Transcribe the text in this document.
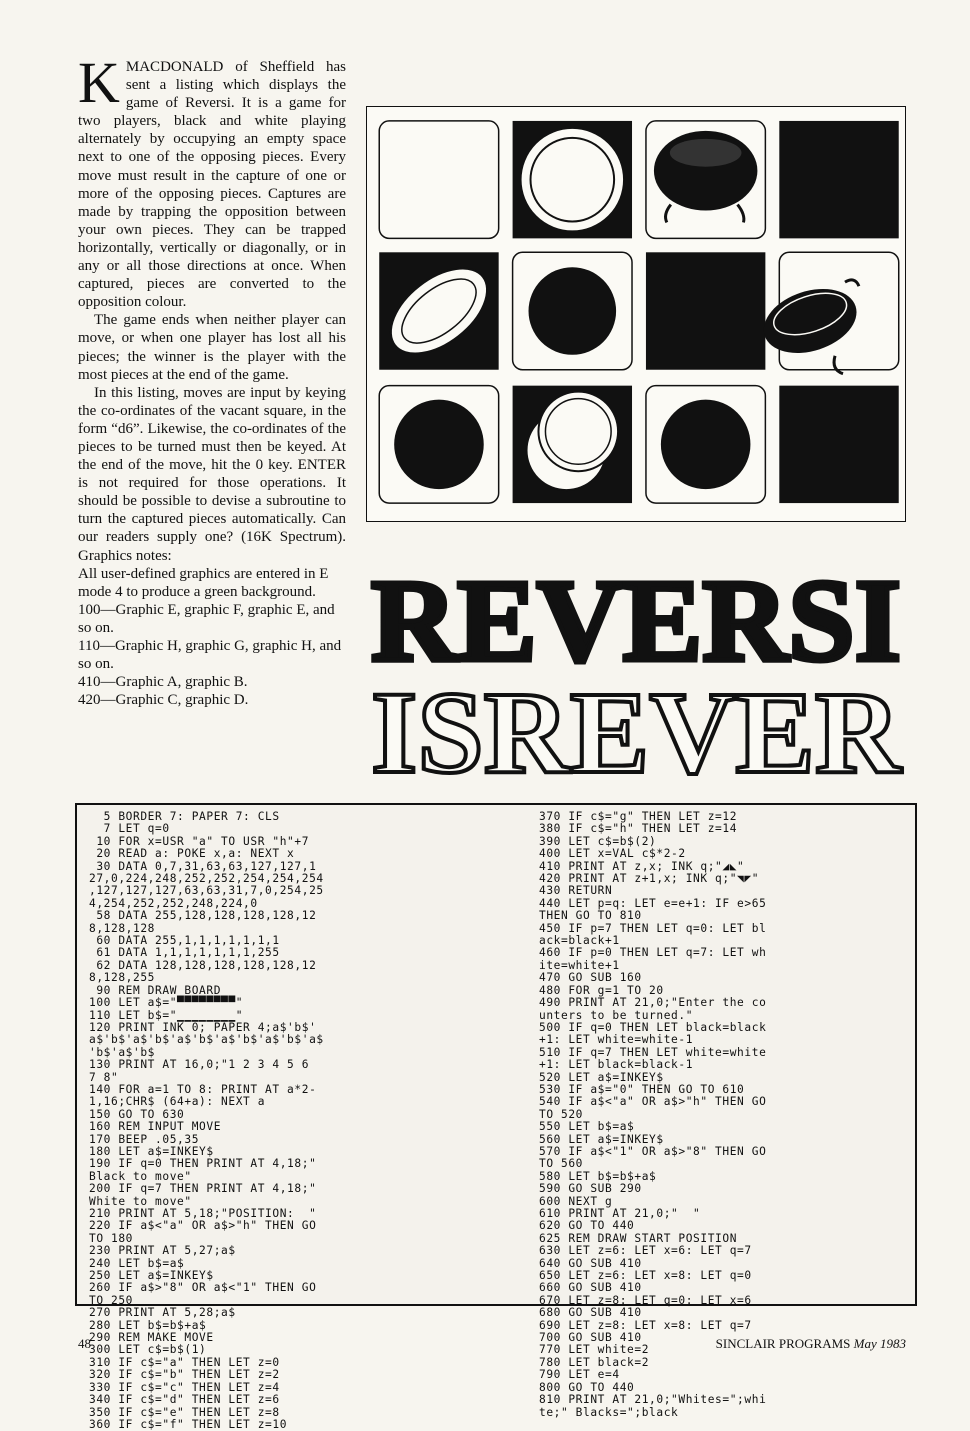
K MACDONALD of Sheffield has sent a listing which displays the game of Reversi. It is a game for two players, black and white playing alternately by occupying an empty space next to one of the opposing pieces. Every move must result in the capture of one or more of the opposing pieces. Captures are made by trapping the opposition between your own pieces. They can be trapped horizontally, vertically or diagonally, or in any or all those directions at once. When captured, pieces are converted to the opposition colour.

The game ends when neither player can move, or when one player has lost all his pieces; the winner is the player with the most pieces at the end of the game.

In this listing, moves are input by keying the co-ordinates of the vacant square, in the form “d6”. Likewise, the co-ordinates of the pieces to be turned must then be keyed. At the end of the move, hit the 0 key. ENTER is not required for those operations. It should be possible to devise a subroutine to turn the captured pieces automatically. Can our readers supply one? (16K Spectrum). Graphics notes:

All user-defined graphics are entered in E mode 4 to produce a green background.

100—Graphic E, graphic F, graphic E, and so on.

110—Graphic H, graphic G, graphic H, and so on.

410—Graphic A, graphic B.

420—Graphic C, graphic D.

REVERSI
ISREVER
5 BORDER 7: PAPER 7: CLS
7 LET q=0
10 FOR x=USR "a" TO USR "h"+7
20 READ a: POKE x,a: NEXT x
30 DATA 0,7,31,63,63,127,127,1
27,0,224,248,252,252,254,254,254
,127,127,127,63,63,31,7,0,254,25
4,254,252,252,248,224,0
58 DATA 255,128,128,128,128,12
8,128,128
60 DATA 255,1,1,1,1,1,1,1
61 DATA 1,1,1,1,1,1,1,255
62 DATA 128,128,128,128,128,12
8,128,255
90 REM DRAW BOARD
100 LET a$="▀▀▀▀▀▀▀▀"
110 LET b$="▁▁▁▁▁▁▁▁"
120 PRINT INK 0; PAPER 4;a$'b$'
a$'b$'a$'b$'a$'b$'a$'b$'a$'b$'a$
'b$'a$'b$
130 PRINT AT 16,0;"1 2 3 4 5 6
7 8"
140 FOR a=1 TO 8: PRINT AT a*2-
1,16;CHR$ (64+a): NEXT a
150 GO TO 630
160 REM INPUT MOVE
170 BEEP .05,35
180 LET a$=INKEY$
190 IF q=0 THEN PRINT AT 4,18;"
Black to move"
200 IF q=7 THEN PRINT AT 4,18;"
White to move"
210 PRINT AT 5,18;"POSITION:  "
220 IF a$<"a" OR a$>"h" THEN GO
TO 180
230 PRINT AT 5,27;a$
240 LET b$=a$
250 LET a$=INKEY$
260 IF a$>"8" OR a$<"1" THEN GO
TO 250
270 PRINT AT 5,28;a$
280 LET b$=b$+a$
290 REM MAKE MOVE
300 LET c$=b$(1)
310 IF c$="a" THEN LET z=0
320 IF c$="b" THEN LET z=2
330 IF c$="c" THEN LET z=4
340 IF c$="d" THEN LET z=6
350 IF c$="e" THEN LET z=8
360 IF c$="f" THEN LET z=10
370 IF c$="g" THEN LET z=12
380 IF c$="h" THEN LET z=14
390 LET c$=b$(2)
400 LET x=VAL c$*2-2
410 PRINT AT z,x; INK q;"◢◣"
420 PRINT AT z+1,x; INK q;"◥◤"
430 RETURN
440 LET p=q: LET e=e+1: IF e>65
THEN GO TO 810
450 IF p=7 THEN LET q=0: LET bl
ack=black+1
460 IF p=0 THEN LET q=7: LET wh
ite=white+1
470 GO SUB 160
480 FOR g=1 TO 20
490 PRINT AT 21,0;"Enter the co
unters to be turned."
500 IF q=0 THEN LET black=black
+1: LET white=white-1
510 IF q=7 THEN LET white=white
+1: LET black=black-1
520 LET a$=INKEY$
530 IF a$="0" THEN GO TO 610
540 IF a$<"a" OR a$>"h" THEN GO
TO 520
550 LET b$=a$
560 LET a$=INKEY$
570 IF a$<"1" OR a$>"8" THEN GO
TO 560
580 LET b$=b$+a$
590 GO SUB 290
600 NEXT g
610 PRINT AT 21,0;"  "
620 GO TO 440
625 REM DRAW START POSITION
630 LET z=6: LET x=6: LET q=7
640 GO SUB 410
650 LET z=6: LET x=8: LET q=0
660 GO SUB 410
670 LET z=8: LET q=0: LET x=6
680 GO SUB 410
690 LET z=8: LET x=8: LET q=7
700 GO SUB 410
770 LET white=2
780 LET black=2
790 LET e=4
800 GO TO 440
810 PRINT AT 21,0;"Whites=";whi
te;" Blacks=";black
48	SINCLAIR PROGRAMS May 1983
